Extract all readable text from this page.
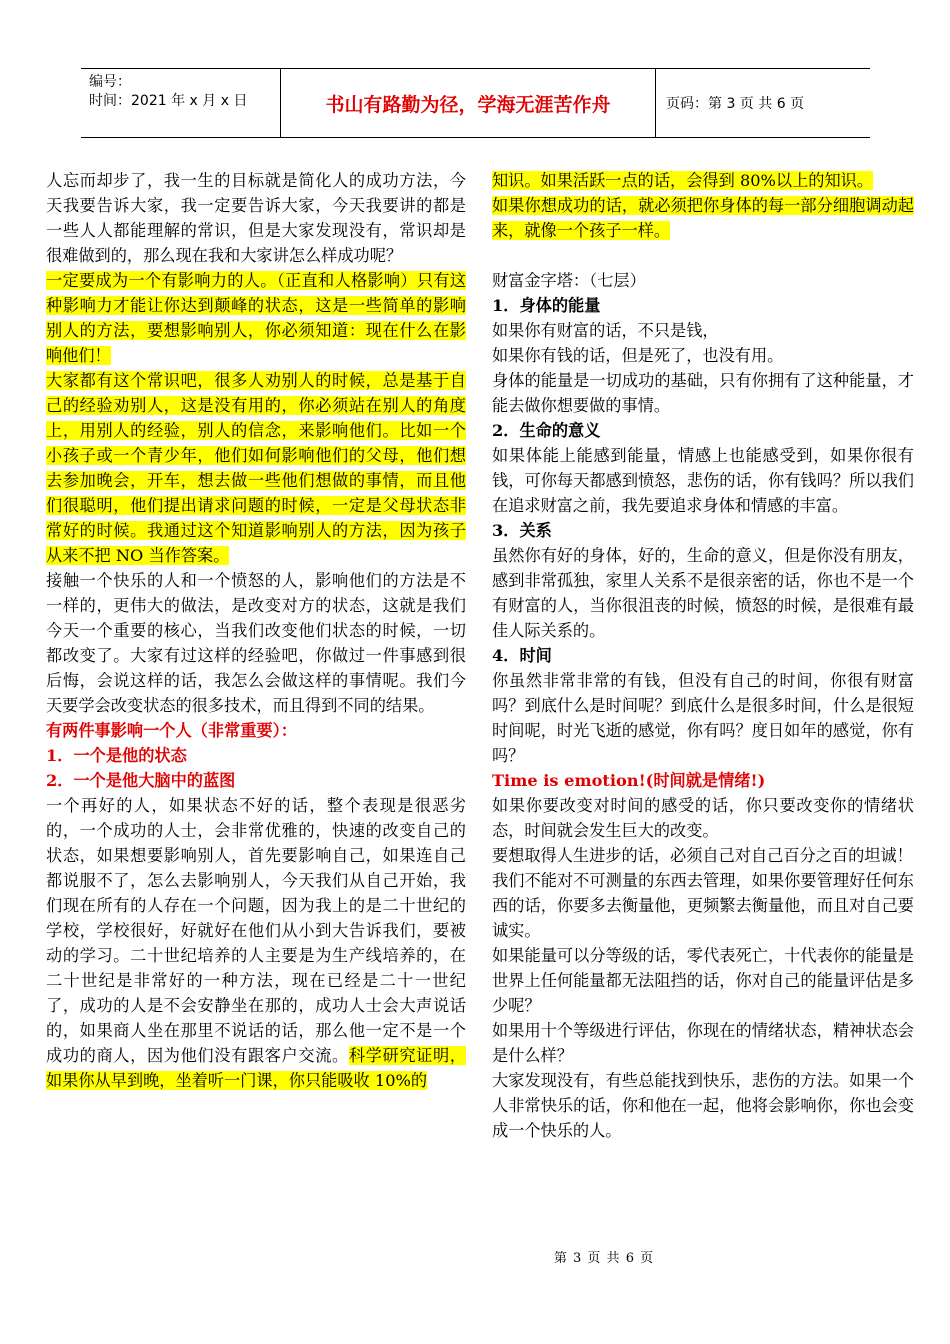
编号：
时间：2021 年 x 月 x 日	书山有路勤为径，学海无涯苦作舟	页码：第 3 页 共 6 页

人忘而却步了，我一生的目标就是简化人的成功方法，今天我要告诉大家，我一定要告诉大家，今天我要讲的都是一些人人都能理解的常识，但是大家发现没有，常识却是很难做到的，那么现在我和大家讲怎么样成功呢？

一定要成为一个有影响力的人。（正直和人格影响）只有这种影响力才能让你达到颠峰的状态，这是一些简单的影响别人的方法，要想影响别人，你必须知道：现在什么在影响他们！

大家都有这个常识吧，很多人劝别人的时候，总是基于自己的经验劝别人，这是没有用的，你必须站在别人的角度上，用别人的经验，别人的信念，来影响他们。比如一个小孩子或一个青少年，他们如何影响他们的父母，他们想去参加晚会，开车，想去做一些他们想做的事情，而且他们很聪明，他们提出请求问题的时候，一定是父母状态非常好的时候。我通过这个知道影响别人的方法，因为孩子从来不把 NO 当作答案。

接触一个快乐的人和一个愤怒的人，影响他们的方法是不一样的，更伟大的做法，是改变对方的状态，这就是我们今天一个重要的核心，当我们改变他们状态的时候，一切都改变了。大家有过这样的经验吧，你做过一件事感到很后悔，会说这样的话，我怎么会做这样的事情呢。我们今天要学会改变状态的很多技术，而且得到不同的结果。

有两件事影响一个人（非常重要）：

1．一个是他的状态

2．一个是他大脑中的蓝图

一个再好的人，如果状态不好的话，整个表现是很恶劣的，一个成功的人士，会非常优雅的，快速的改变自己的状态，如果想要影响别人，首先要影响自己，如果连自己都说服不了，怎么去影响别人，今天我们从自己开始，我们现在所有的人存在一个问题，因为我上的是二十世纪的学校，学校很好，好就好在他们从小到大告诉我们，要被动的学习。二十世纪培养的人主要是为生产线培养的，在二十世纪是非常好的一种方法，现在已经是二十一世纪了，成功的人是不会安静坐在那的，成功人士会大声说话的，如果商人坐在那里不说话的话，那么他一定不是一个成功的商人，因为他们没有跟客户交流。科学研究证明，如果你从早到晚，坐着听一门课，你只能吸收 10%的

知识。如果活跃一点的话，会得到 80%以上的知识。

如果你想成功的话，就必须把你身体的每一部分细胞调动起来，就像一个孩子一样。

财富金字塔：（七层）

1．身体的能量

如果你有财富的话，不只是钱，

如果你有钱的话，但是死了，也没有用。

身体的能量是一切成功的基础，只有你拥有了这种能量，才能去做你想要做的事情。

2．生命的意义

如果体能上能感到能量，情感上也能感受到，如果你很有钱，可你每天都感到愤怒，悲伤的话，你有钱吗？所以我们在追求财富之前，我先要追求身体和情感的丰富。

3．关系

虽然你有好的身体，好的，生命的意义，但是你没有朋友，感到非常孤独，家里人关系不是很亲密的话，你也不是一个有财富的人，当你很沮丧的时候，愤怒的时候，是很难有最佳人际关系的。

4．时间

你虽然非常非常的有钱，但没有自己的时间，你很有财富吗？到底什么是时间呢？到底什么是很多时间，什么是很短时间呢，时光飞逝的感觉，你有吗？度日如年的感觉，你有吗？

Time is emotion!(时间就是情绪!)

如果你要改变对时间的感受的话，你只要改变你的情绪状态，时间就会发生巨大的改变。

要想取得人生进步的话，必须自己对自己百分之百的坦诚！

我们不能对不可测量的东西去管理，如果你要管理好任何东西的话，你要多去衡量他，更频繁去衡量他，而且对自己要诚实。

如果能量可以分等级的话，零代表死亡，十代表你的能量是世界上任何能量都无法阻挡的话，你对自己的能量评估是多少呢？

如果用十个等级进行评估，你现在的情绪状态，精神状态会是什么样？

大家发现没有，有些总能找到快乐，悲伤的方法。如果一个人非常快乐的话，你和他在一起，他将会影响你，你也会变成一个快乐的人。

第 3 页 共 6 页
